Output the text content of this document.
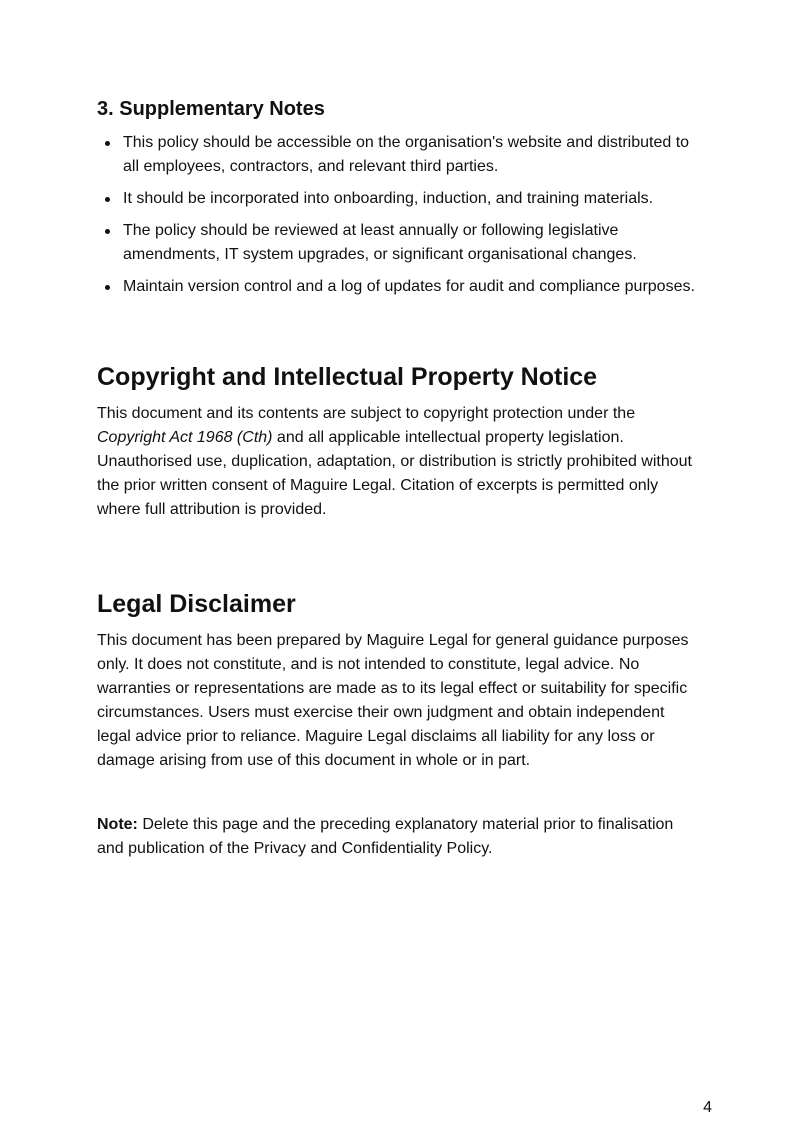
3. Supplementary Notes
This policy should be accessible on the organisation's website and distributed to all employees, contractors, and relevant third parties.
It should be incorporated into onboarding, induction, and training materials.
The policy should be reviewed at least annually or following legislative amendments, IT system upgrades, or significant organisational changes.
Maintain version control and a log of updates for audit and compliance purposes.
Copyright and Intellectual Property Notice

This document and its contents are subject to copyright protection under the Copyright Act 1968 (Cth) and all applicable intellectual property legislation. Unauthorised use, duplication, adaptation, or distribution is strictly prohibited without the prior written consent of Maguire Legal. Citation of excerpts is permitted only where full attribution is provided.

Legal Disclaimer

This document has been prepared by Maguire Legal for general guidance purposes only. It does not constitute, and is not intended to constitute, legal advice. No warranties or representations are made as to its legal effect or suitability for specific circumstances. Users must exercise their own judgment and obtain independent legal advice prior to reliance. Maguire Legal disclaims all liability for any loss or damage arising from use of this document in whole or in part.

Note: Delete this page and the preceding explanatory material prior to finalisation and publication of the Privacy and Confidentiality Policy.

4
